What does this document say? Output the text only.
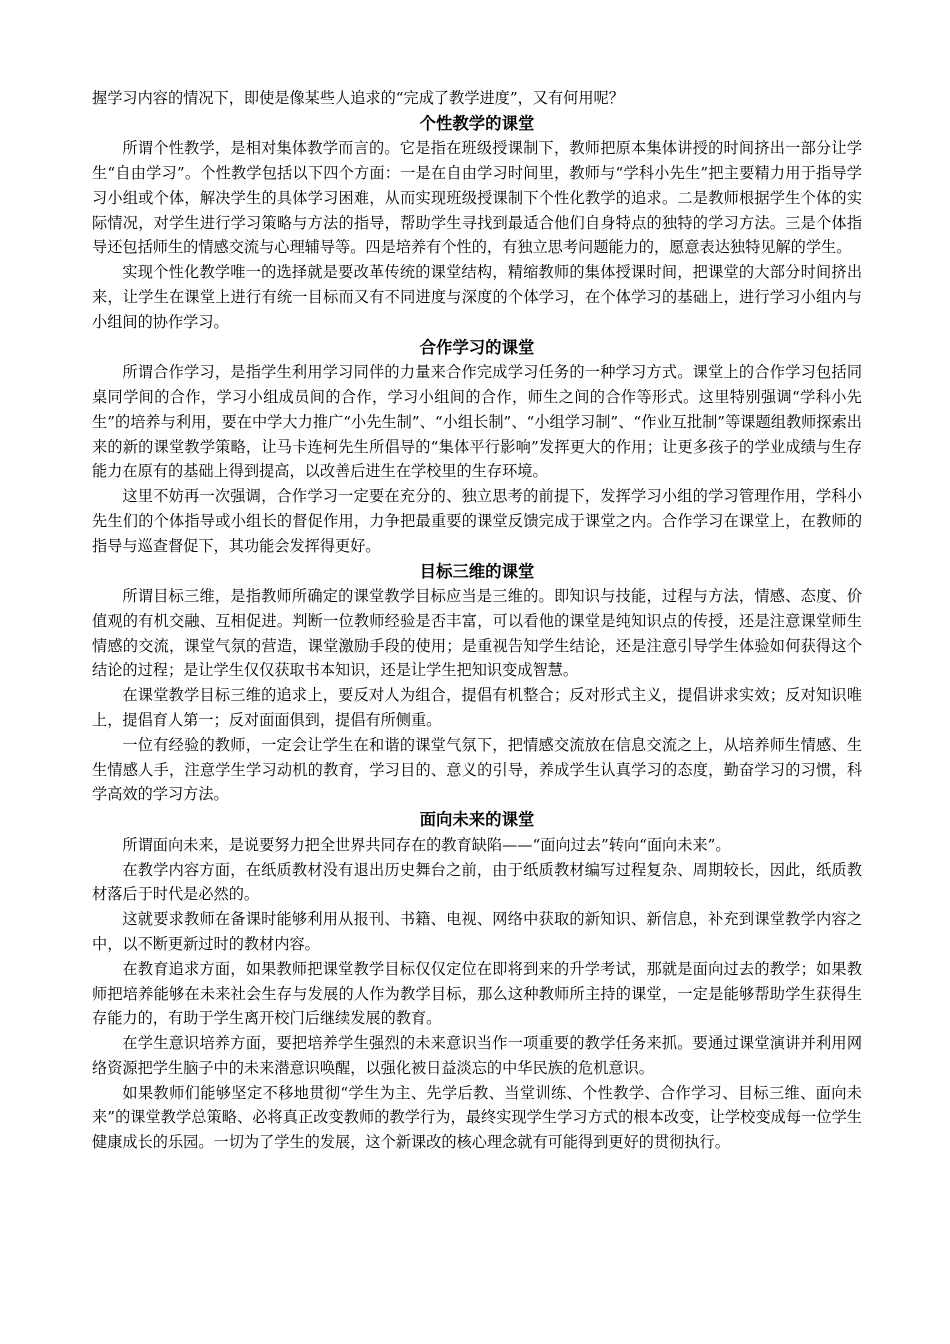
握学习内容的情况下，即使是像某些人追求的“完成了教学进度”，又有何用呢？

个性教学的课堂

所谓个性教学，是相对集体教学而言的。它是指在班级授课制下，教师把原本集体讲授的时间挤出一部分让学生“自由学习”。个性教学包括以下四个方面：一是在自由学习时间里，教师与“学科小先生”把主要精力用于指导学习小组或个体，解决学生的具体学习困难，从而实现班级授课制下个性化教学的追求。二是教师根据学生个体的实际情况，对学生进行学习策略与方法的指导，帮助学生寻找到最适合他们自身特点的独特的学习方法。三是个体指导还包括师生的情感交流与心理辅导等。四是培养有个性的，有独立思考问题能力的，愿意表达独特见解的学生。

实现个性化教学唯一的选择就是要改革传统的课堂结构，精缩教师的集体授课时间，把课堂的大部分时间挤出来，让学生在课堂上进行有统一目标而又有不同进度与深度的个体学习，在个体学习的基础上，进行学习小组内与小组间的协作学习。

合作学习的课堂

所谓合作学习，是指学生利用学习同伴的力量来合作完成学习任务的一种学习方式。课堂上的合作学习包括同桌同学间的合作，学习小组成员间的合作，学习小组间的合作，师生之间的合作等形式。这里特别强调“学科小先生”的培养与利用，要在中学大力推广“小先生制”、“小组长制”、“小组学习制”、“作业互批制”等课题组教师探索出来的新的课堂教学策略，让马卡连柯先生所倡导的“集体平行影响”发挥更大的作用；让更多孩子的学业成绩与生存能力在原有的基础上得到提高，以改善后进生在学校里的生存环境。

这里不妨再一次强调，合作学习一定要在充分的、独立思考的前提下，发挥学习小组的学习管理作用，学科小先生们的个体指导或小组长的督促作用，力争把最重要的课堂反馈完成于课堂之内。合作学习在课堂上，在教师的指导与巡查督促下，其功能会发挥得更好。

目标三维的课堂

所谓目标三维，是指教师所确定的课堂教学目标应当是三维的。即知识与技能，过程与方法，情感、态度、价值观的有机交融、互相促进。判断一位教师经验是否丰富，可以看他的课堂是纯知识点的传授，还是注意课堂师生情感的交流，课堂气氛的营造，课堂激励手段的使用；是重视告知学生结论，还是注意引导学生体验如何获得这个结论的过程；是让学生仅仅获取书本知识，还是让学生把知识变成智慧。

在课堂教学目标三维的追求上，要反对人为组合，提倡有机整合；反对形式主义，提倡讲求实效；反对知识唯上，提倡育人第一；反对面面俱到，提倡有所侧重。

一位有经验的教师，一定会让学生在和谐的课堂气氛下，把情感交流放在信息交流之上，从培养师生情感、生生情感人手，注意学生学习动机的教育，学习目的、意义的引导，养成学生认真学习的态度，勤奋学习的习惯，科学高效的学习方法。

面向未来的课堂

所谓面向未来，是说要努力把全世界共同存在的教育缺陷——“面向过去”转向“面向未来”。

在教学内容方面，在纸质教材没有退出历史舞台之前，由于纸质教材编写过程复杂、周期较长，因此，纸质教材落后于时代是必然的。

这就要求教师在备课时能够利用从报刊、书籍、电视、网络中获取的新知识、新信息，补充到课堂教学内容之中，以不断更新过时的教材内容。

在教育追求方面，如果教师把课堂教学目标仅仅定位在即将到来的升学考试，那就是面向过去的教学；如果教师把培养能够在未来社会生存与发展的人作为教学目标，那么这种教师所主持的课堂，一定是能够帮助学生获得生存能力的，有助于学生离开校门后继续发展的教育。

在学生意识培养方面，要把培养学生强烈的未来意识当作一项重要的教学任务来抓。要通过课堂演讲并利用网络资源把学生脑子中的未来潜意识唤醒，以强化被日益淡忘的中华民族的危机意识。

如果教师们能够坚定不移地贯彻“学生为主、先学后教、当堂训练、个性教学、合作学习、目标三维、面向未来”的课堂教学总策略、必将真正改变教师的教学行为，最终实现学生学习方式的根本改变，让学校变成每一位学生健康成长的乐园。一切为了学生的发展，这个新课改的核心理念就有可能得到更好的贯彻执行。
